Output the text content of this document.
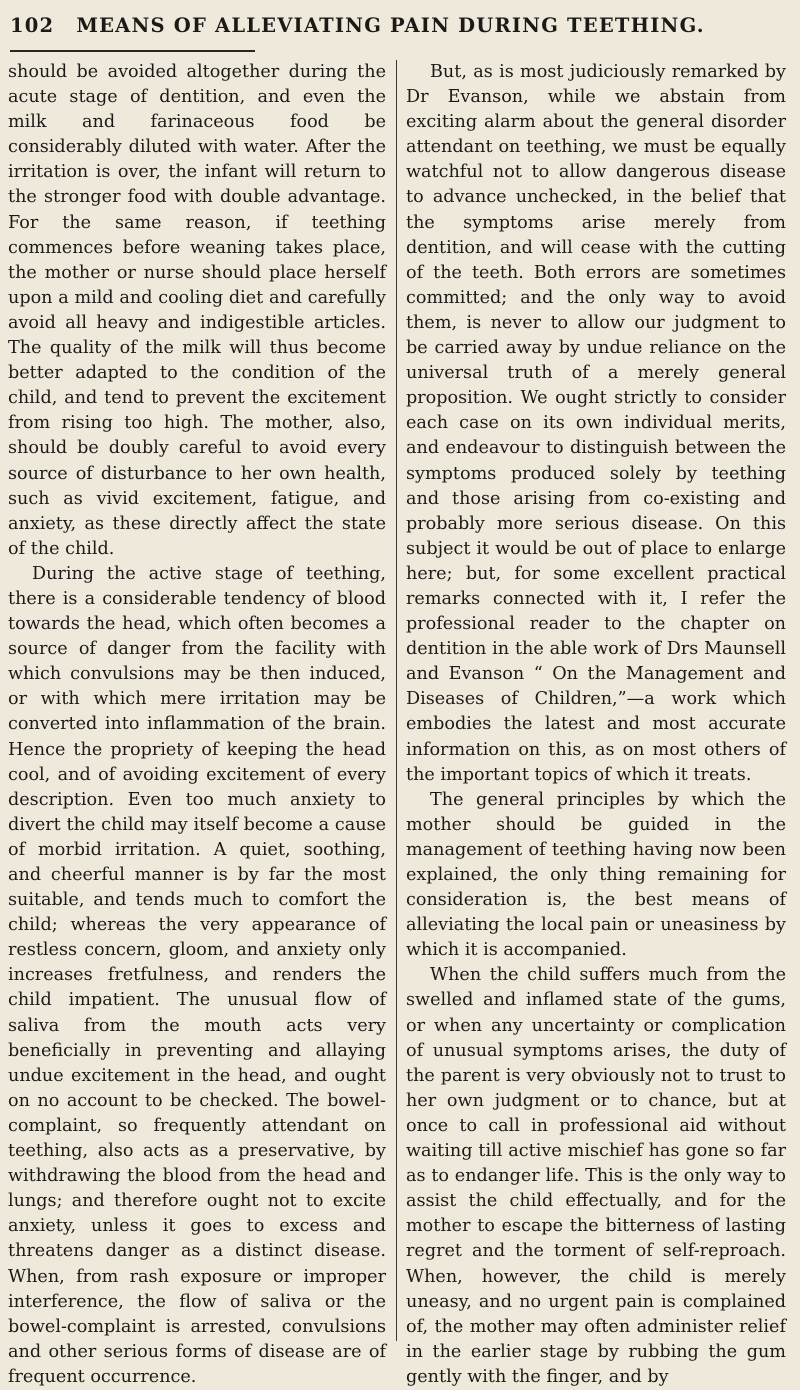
102 MEANS OF ALLEVIATING PAIN DURING TEETHING.

should be avoided altogether during the acute stage of dentition, and even the milk and farinaceous food be considerably diluted with water. After the irritation is over, the infant will return to the stronger food with double advantage. For the same reason, if teething commences before weaning takes place, the mother or nurse should place herself upon a mild and cooling diet and carefully avoid all heavy and indigestible articles. The quality of the milk will thus become better adapted to the condition of the child, and tend to prevent the excitement from rising too high. The mother, also, should be doubly careful to avoid every source of disturbance to her own health, such as vivid excitement, fatigue, and anxiety, as these directly affect the state of the child.

During the active stage of teething, there is a considerable tendency of blood towards the head, which often becomes a source of danger from the facility with which convulsions may be then induced, or with which mere irritation may be converted into inflammation of the brain. Hence the propriety of keeping the head cool, and of avoiding excitement of every description. Even too much anxiety to divert the child may itself become a cause of morbid irritation. A quiet, soothing, and cheerful manner is by far the most suitable, and tends much to comfort the child; whereas the very appearance of restless concern, gloom, and anxiety only increases fretfulness, and renders the child impatient. The unusual flow of saliva from the mouth acts very beneficially in preventing and allaying undue excitement in the head, and ought on no account to be checked. The bowel-complaint, so frequently attendant on teething, also acts as a preservative, by withdrawing the blood from the head and lungs; and therefore ought not to excite anxiety, unless it goes to excess and threatens danger as a distinct disease. When, from rash exposure or improper interference, the flow of saliva or the bowel-complaint is arrested, convulsions and other serious forms of disease are of frequent occurrence.

But, as is most judiciously remarked by Dr Evanson, while we abstain from exciting alarm about the general disorder attendant on teething, we must be equally watchful not to allow dangerous disease to advance unchecked, in the belief that the symptoms arise merely from dentition, and will cease with the cutting of the teeth. Both errors are sometimes committed; and the only way to avoid them, is never to allow our judgment to be carried away by undue reliance on the universal truth of a merely general proposition. We ought strictly to consider each case on its own individual merits, and endeavour to distinguish between the symptoms produced solely by teething and those arising from co-existing and probably more serious disease. On this subject it would be out of place to enlarge here; but, for some excellent practical remarks connected with it, I refer the professional reader to the chapter on dentition in the able work of Drs Maunsell and Evanson “ On the Management and Diseases of Children,”—a work which embodies the latest and most accurate information on this, as on most others of the important topics of which it treats.

The general principles by which the mother should be guided in the management of teething having now been explained, the only thing remaining for consideration is, the best means of alleviating the local pain or uneasiness by which it is accompanied.

When the child suffers much from the swelled and inflamed state of the gums, or when any uncertainty or complication of unusual symptoms arises, the duty of the parent is very obviously not to trust to her own judgment or to chance, but at once to call in professional aid without waiting till active mischief has gone so far as to endanger life. This is the only way to assist the child effectually, and for the mother to escape the bitterness of lasting regret and the torment of self-reproach. When, however, the child is merely uneasy, and no urgent pain is complained of, the mother may often administer relief in the earlier stage by rubbing the gum gently with the finger, and by
